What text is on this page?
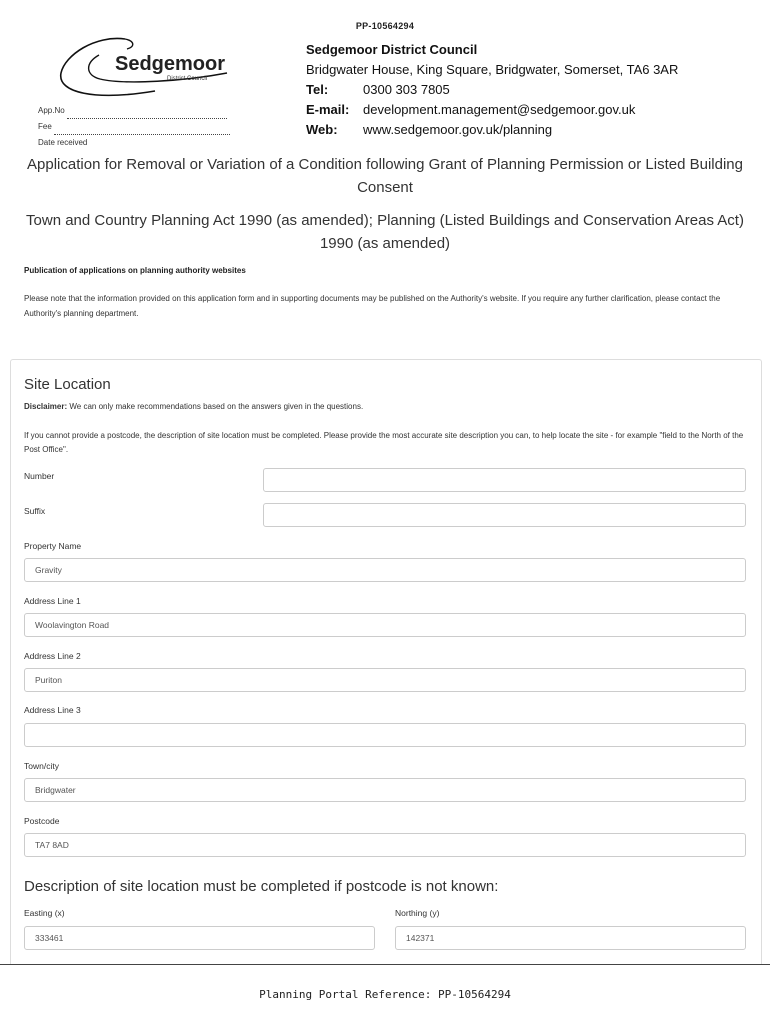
PP-10564294
Sedgemoor
District Council
App.No
Fee
Date received
Sedgemoor District Council
Bridgwater House, King Square, Bridgwater, Somerset, TA6 3AR
Tel:	0300 303 7805
E-mail: development.management@sedgemoor.gov.uk
Web: www.sedgemoor.gov.uk/planning
Application for Removal or Variation of a Condition following Grant of Planning Permission or Listed Building Consent
Town and Country Planning Act 1990 (as amended); Planning (Listed Buildings and Conservation Areas Act) 1990 (as amended)
Publication of applications on planning authority websites
Please note that the information provided on this application form and in supporting documents may be published on the Authority's website. If you require any further clarification, please contact the Authority's planning department.
Site Location
Disclaimer: We can only make recommendations based on the answers given in the questions.
If you cannot provide a postcode, the description of site location must be completed. Please provide the most accurate site description you can, to help locate the site - for example "field to the North of the Post Office".
Number
Suffix
Property Name
Gravity
Address Line 1
Woolavington Road
Address Line 2
Puriton
Address Line 3
Town/city
Bridgwater
Postcode
TA7 8AD
Description of site location must be completed if postcode is not known:
Easting (x)
333461
Northing (y)
142371
Planning Portal Reference: PP-10564294
